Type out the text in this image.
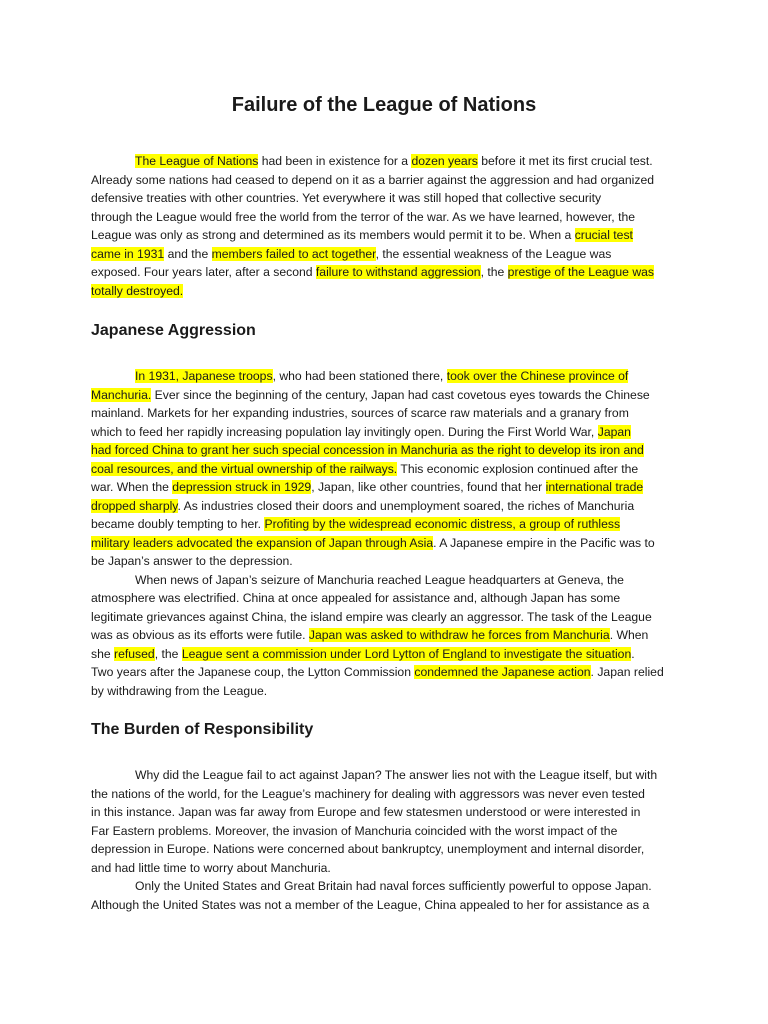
Failure of the League of Nations
The League of Nations had been in existence for a dozen years before it met its first crucial test.
Already some nations had ceased to depend on it as a barrier against the aggression and had organized
defensive treaties with other countries. Yet everywhere it was still hoped that collective security
through the League would free the world from the terror of the war. As we have learned, however, the
League was only as strong and determined as its members would permit it to be. When a crucial test
came in 1931 and the members failed to act together, the essential weakness of the League was
exposed. Four years later, after a second failure to withstand aggression, the prestige of the League was
totally destroyed.
Japanese Aggression
In 1931, Japanese troops, who had been stationed there, took over the Chinese province of
Manchuria. Ever since the beginning of the century, Japan had cast covetous eyes towards the Chinese
mainland. Markets for her expanding industries, sources of scarce raw materials and a granary from
which to feed her rapidly increasing population lay invitingly open. During the First World War, Japan
had forced China to grant her such special concession in Manchuria as the right to develop its iron and
coal resources, and the virtual ownership of the railways. This economic explosion continued after the
war. When the depression struck in 1929, Japan, like other countries, found that her international trade
dropped sharply. As industries closed their doors and unemployment soared, the riches of Manchuria
became doubly tempting to her. Profiting by the widespread economic distress, a group of ruthless
military leaders advocated the expansion of Japan through Asia. A Japanese empire in the Pacific was to
be Japan’s answer to the depression.
When news of Japan’s seizure of Manchuria reached League headquarters at Geneva, the
atmosphere was electrified. China at once appealed for assistance and, although Japan has some
legitimate grievances against China, the island empire was clearly an aggressor. The task of the League
was as obvious as its efforts were futile. Japan was asked to withdraw he forces from Manchuria. When
she refused, the League sent a commission under Lord Lytton of England to investigate the situation.
Two years after the Japanese coup, the Lytton Commission condemned the Japanese action. Japan relied
by withdrawing from the League.
The Burden of Responsibility
Why did the League fail to act against Japan? The answer lies not with the League itself, but with
the nations of the world, for the League’s machinery for dealing with aggressors was never even tested
in this instance. Japan was far away from Europe and few statesmen understood or were interested in
Far Eastern problems. Moreover, the invasion of Manchuria coincided with the worst impact of the
depression in Europe. Nations were concerned about bankruptcy, unemployment and internal disorder,
and had little time to worry about Manchuria.
Only the United States and Great Britain had naval forces sufficiently powerful to oppose Japan.
Although the United States was not a member of the League, China appealed to her for assistance as a
